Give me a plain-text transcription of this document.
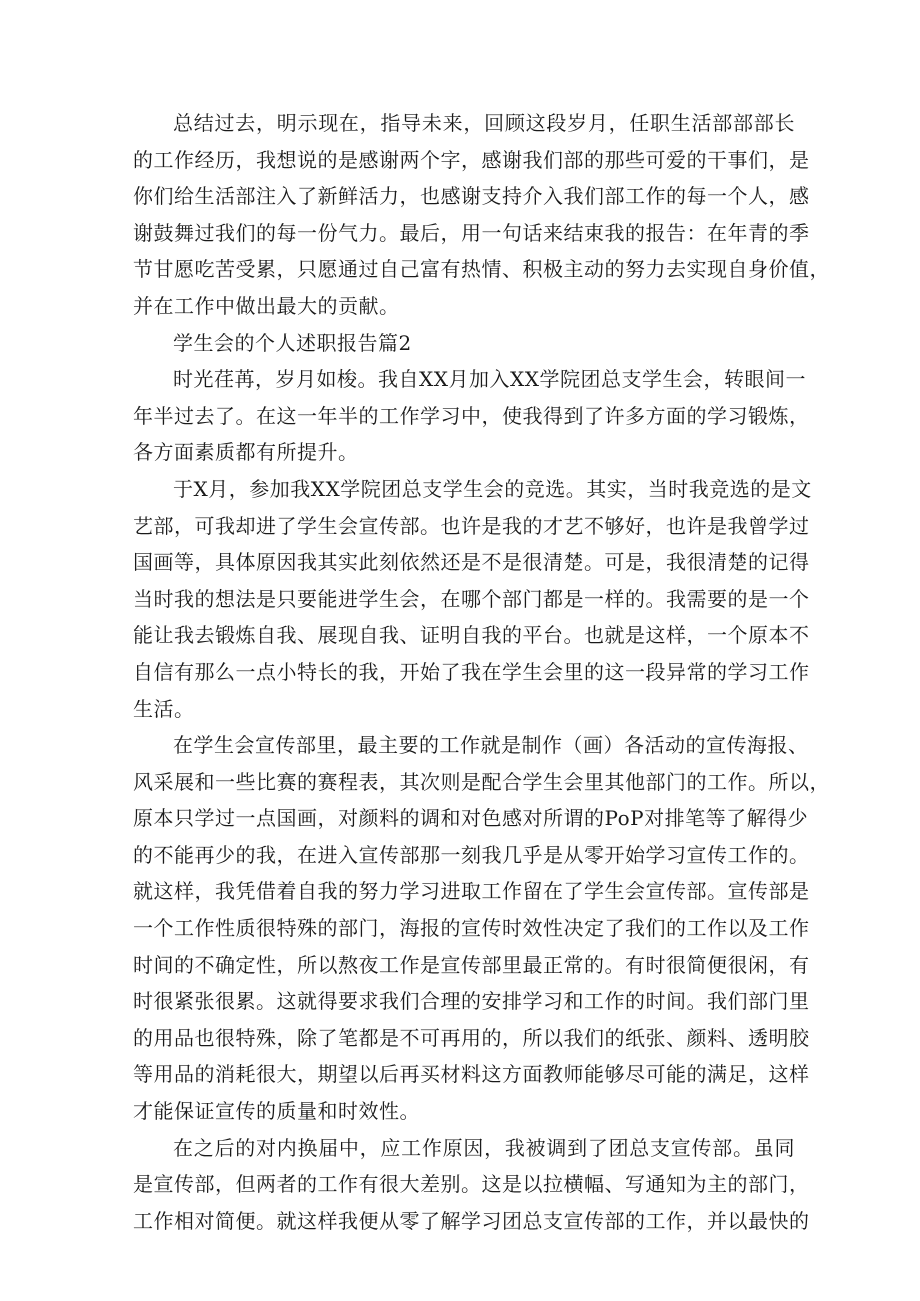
总结过去，明示现在，指导未来，回顾这段岁月，任职生活部部部长
的工作经历，我想说的是感谢两个字，感谢我们部的那些可爱的干事们，是
你们给生活部注入了新鲜活力，也感谢支持介入我们部工作的每一个人，感
谢鼓舞过我们的每一份气力。最后，用一句话来结束我的报告：在年青的季
节甘愿吃苦受累，只愿通过自己富有热情、积极主动的努力去实现自身价值，
并在工作中做出最大的贡献。
学生会的个人述职报告篇2
时光荏苒，岁月如梭。我自XX月加入XX学院团总支学生会，转眼间一
年半过去了。在这一年半的工作学习中，使我得到了许多方面的学习锻炼，
各方面素质都有所提升。
于X月，参加我XX学院团总支学生会的竞选。其实，当时我竞选的是文
艺部，可我却进了学生会宣传部。也许是我的才艺不够好，也许是我曾学过
国画等，具体原因我其实此刻依然还是不是很清楚。可是，我很清楚的记得
当时我的想法是只要能进学生会，在哪个部门都是一样的。我需要的是一个
能让我去锻炼自我、展现自我、证明自我的平台。也就是这样，一个原本不
自信有那么一点小特长的我，开始了我在学生会里的这一段异常的学习工作
生活。
在学生会宣传部里，最主要的工作就是制作（画）各活动的宣传海报、
风采展和一些比赛的赛程表，其次则是配合学生会里其他部门的工作。所以，
原本只学过一点国画，对颜料的调和对色感对所谓的PoP对排笔等了解得少
的不能再少的我，在进入宣传部那一刻我几乎是从零开始学习宣传工作的。
就这样，我凭借着自我的努力学习进取工作留在了学生会宣传部。宣传部是
一个工作性质很特殊的部门，海报的宣传时效性决定了我们的工作以及工作
时间的不确定性，所以熬夜工作是宣传部里最正常的。有时很简便很闲，有
时很紧张很累。这就得要求我们合理的安排学习和工作的时间。我们部门里
的用品也很特殊，除了笔都是不可再用的，所以我们的纸张、颜料、透明胶
等用品的消耗很大，期望以后再买材料这方面教师能够尽可能的满足，这样
才能保证宣传的质量和时效性。
在之后的对内换届中，应工作原因，我被调到了团总支宣传部。虽同
是宣传部，但两者的工作有很大差别。这是以拉横幅、写通知为主的部门，
工作相对简便。就这样我便从零了解学习团总支宣传部的工作，并以最快的
